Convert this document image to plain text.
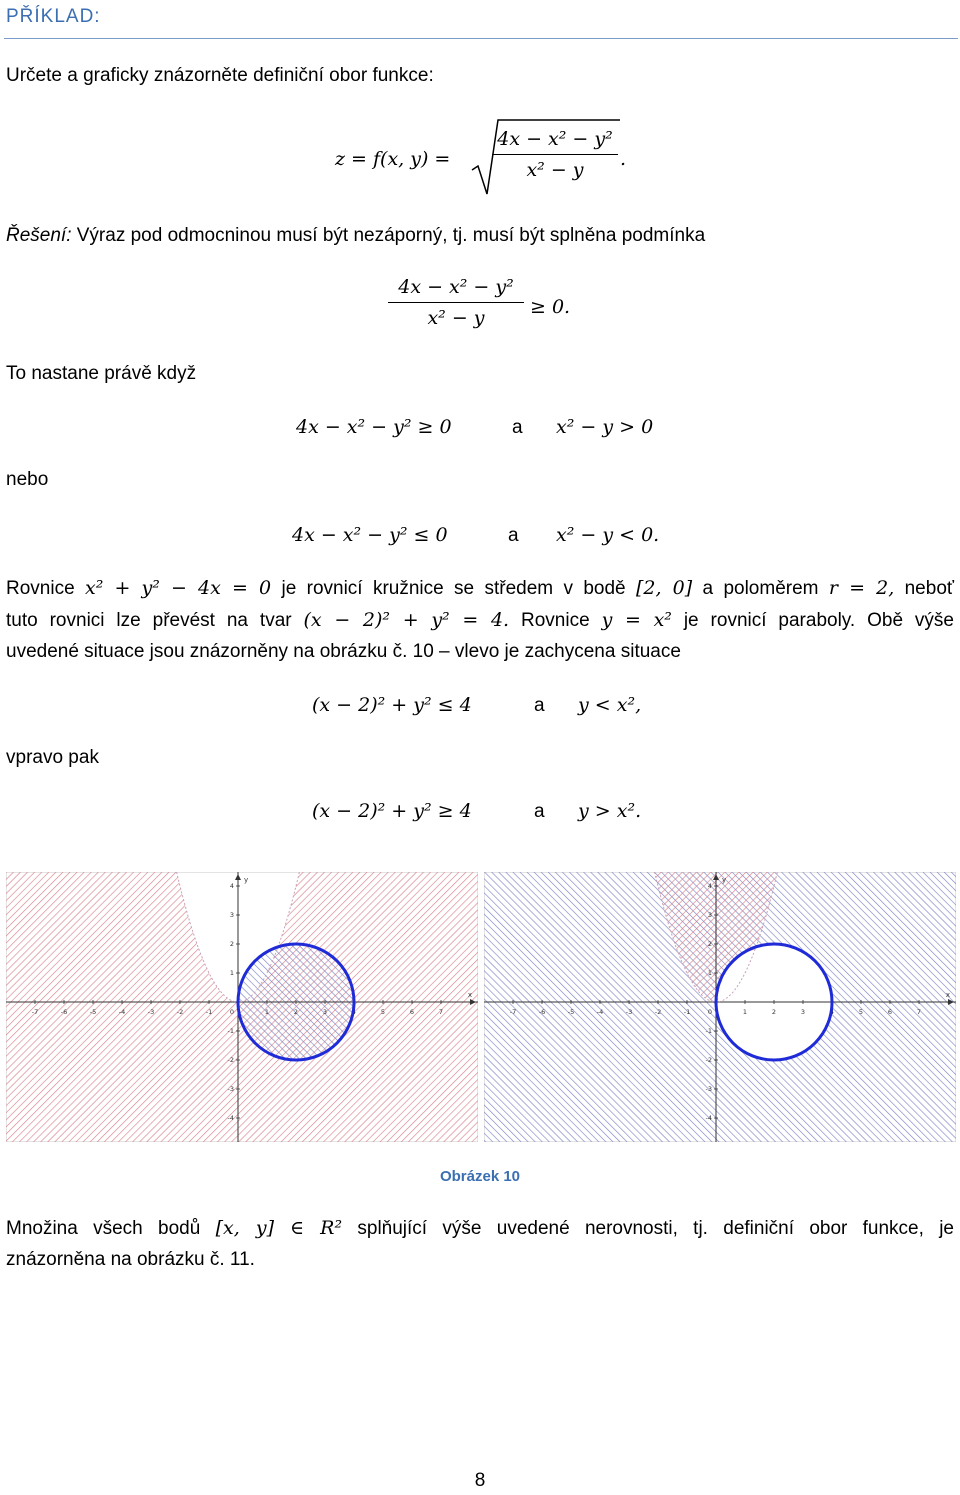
PŘÍKLAD:
Určete a graficky znázorněte definiční obor funkce:
z = f(x, $y) = \frac{\text{4x − x² − y²}}{\text{x² − y}}$ .
Řešení: Výraz pod odmocninou musí být nezáporný, tj. musí být splněna podmínka
$\frac{\text{4x − x² − y²}}{\text{x² − y}} \ge 0$.
To nastane právě když
4x − x² − y² ≥ 0	a x² − y > 0
nebo
4x − x² − y² ≤ 0	a x² − y < 0.
Rovnice x² + y² − 4x = 0 je rovnicí kružnice se středem v bodě [2, 0] a poloměrem r = 2, neboť
tuto rovnici lze převést na tvar (x − 2)² + y² = 4. Rovnice y = x² je rovnicí paraboly. Obě výše
uvedené situace jsou znázorněny na obrázku č. 10 – vlevo je zachycena situace
(x − 2)² + y² ≤ 4	a y < x²,
vpravo pak
(x − 2)² + y² ≥ 4	a y > x².
-7	-6	-5	-4	-3	-2	-1	0	1	2	3	4	5	6	7
4
3
2
1
-1
-2
-3
-4
x
y
-7	-6	-5	-4	-3	-2	-1	0	1	2	3	4	5	6	7
4
3
2
1
-1
-2
-3
-4
x
y
Obrázek 10
Množina všech bodů [x, y] ∈ R² splňující výše uvedené nerovnosti, tj. definiční obor funkce, je
znázorněna na obrázku č. 11.
8
